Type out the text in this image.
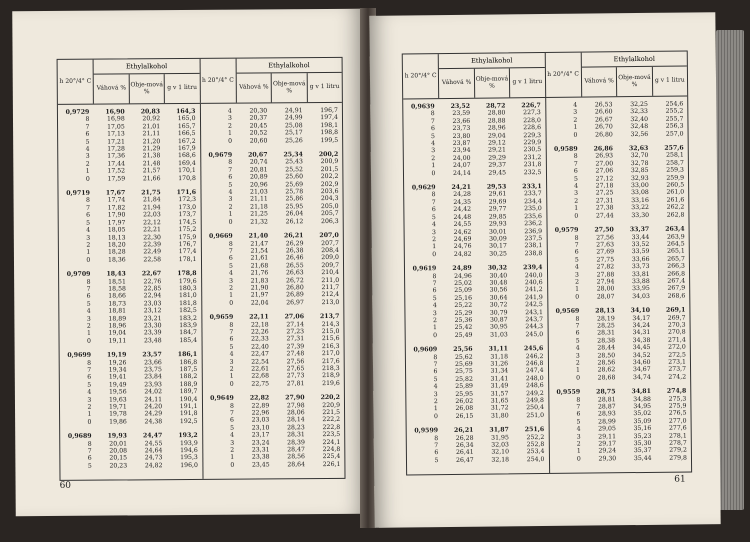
h 20°/4° C
Ethylalkohol
Váhová % Obje-mová %	g v 1 litru
h 20°/4° C
Ethylalkohol
Váhová % Obje-mová %	g v 1 litru
0,9729	16,90	20,83	164,3
8	16,98	20,92	165,0
7	17,05	21,01	165,7
6	17,13	21,11	166,5
5	17,21	21,20	167,2
4	17,28	21,29	167,9
3	17,36	21,38	168,6
2	17,44	21,48	169,4
1	17,52	21,57	170,1
0	17,59	21,66	170,8
0,9719	17,67	21,75	171,6
8	17,74	21,84	172,3
7	17,82	21,94	173,0
6	17,90	22,03	173,7
5	17,97	22,12	174,5
4	18,05	22,21	175,2
3	18,13	22,30	175,9
2	18,20	22,39	176,7
1	18,28	22,49	177,4
0	18,36	22,58	178,1
0,9709	18,43	22,67	178,8
8	18,51	22,76	179,6
7	18,58	22,85	180,3
6	18,66	22,94	181,0
5	18,73	23,03	181,8
4	18,81	23,12	182,5
3	18,89	23,21	183,2
2	18,96	23,30	183,9
1	19,04	23,39	184,7
0	19,11	23,48	185,4
0,9699	19,19	23,57	186,1
8	19,26	23,66	186,8
7	19,34	23,75	187,5
6	19,41	23,84	188,2
5	19,49	23,93	188,9
4	19,56	24,02	189,7
3	19,63	24,11	190,4
2	19,71	24,20	191,1
1	19,78	24,29	191,8
0	19,86	24,38	192,5
0,9689	19,93	24,47	193,2
8	20,01	24,55	193,9
7	20,08	24,64	194,6
6	20,15	24,73	195,3
5	20,23	24,82	196,0
4	20,30	24,91	196,7
3	20,37	24,99	197,4
2	20,45	25,08	198,1
1	20,52	25,17	198,8
0	20,60	25,26	199,5
0,9679	20,67	25,34	200,2
8	20,74	25,43	200,9
7	20,81	25,52	201,5
6	20,89	25,60	202,2
5	20,96	25,69	202,9
4	21,03	25,78	203,6
3	21,11	25,86	204,3
2	21,18	25,95	205,0
1	21,25	26,04	205,7
0	21,32	26,12	206,3
0,9669	21,40	26,21	207,0
8	21,47	26,29	207,7
7	21,54	26,38	208,4
6	21,61	26,46	209,0
5	21,68	26,55	209,7
4	21,76	26,63	210,4
3	21,83	26,72	211,0
2	21,90	26,80	211,7
1	21,97	26,89	212,4
0	22,04	26,97	213,0
0,9659	22,11	27,06	213,7
8	22,18	27,14	214,3
7	22,26	27,23	215,0
6	22,33	27,31	215,6
5	22,40	27,39	216,3
4	22,47	27,48	217,0
3	22,54	27,56	217,6
2	22,61	27,65	218,3
1	22,68	27,73	218,9
0	22,75	27,81	219,6
0,9649	22,82	27,90	220,2
8	22,89	27,98	220,9
7	22,96	28,06	221,5
6	23,03	28,14	222,2
5	23,10	28,23	222,8
4	23,17	28,31	223,5
3	23,24	28,39	224,1
2	23,31	28,47	224,8
1	23,38	28,56	225,4
0	23,45	28,64	226,1
60
h 20°/4° C
Ethylalkohol
Váhová % Obje-mová %
g v 1 litru
h 20°/4° C
Ethylalkohol
Váhová % Obje-mová %
g v 1 litru
0,9639	23,52	28,72	226,7
8	23,59	28,80	227,3
7	23,66	28,88	228,0
6	23,73	28,96	228,6
5	23,80	29,04	229,3
4	23,87	29,12	229,9
3	23,94	29,21	230,5
2	24,00	29,29	231,2
1	24,07	29,37	231,8
0	24,14	29,45	232,5
0,9629	24,21	29,53	233,1
8	24,28	29,61	233,7
7	24,35	29,69	234,4
6	24,42	29,77	235,0
5	24,48	29,85	235,6
4	24,55	29,93	236,2
3	24,62	30,01	236,9
2	24,69	30,09	237,5
1	24,76	30,17	238,1
0	24,82	30,25	238,8
0,9619	24,89	30,32	239,4
8	24,96	30,40	240,0
7	25,02	30,48	240,6
6	25,09	30,56	241,2
5	25,16	30,64	241,9
4	25,22	30,72	242,5
3	25,29	30,79	243,1
2	25,36	30,87	243,7
1	25,42	30,95	244,3
0	25,49	31,03	245,0
0,9609	25,56	31,11	245,6
8	25,62	31,18	246,2
7	25,69	31,26	246,8
6	25,75	31,34	247,4
5	25,82	31,41	248,0
4	25,89	31,49	248,6
3	25,95	31,57	249,2
2	26,02	31,65	249,8
1	26,08	31,72	250,4
0	26,15	31,80	251,0
0,9599	26,21	31,87	251,6
8	26,28	31,95	252,2
7	26,34	32,03	252,8
6	26,41	32,10	253,4
5	26,47	32,18	254,0
4	26,53	32,25	254,6
3	26,60	32,33	255,2
2	26,67	32,40	255,7
1	26,70	32,48	256,3
0	26,80	32,56	257,0
0,9589	26,86	32,63	257,6
8	26,93	32,70	258,1
7	27,00	32,78	258,7
6	27,06	32,85	259,3
5	27,12	32,93	259,9
4	27,18	33,00	260,5
3	27,25	33,08	261,0
2	27,31	33,16	261,6
1	27,38	33,22	262,2
0	27,44	33,30	262,8
0,9579	27,50	33,37	263,4
8	27,56	33,44	263,9
7	27,63	33,52	264,5
6	27,69	33,59	265,1
5	27,75	33,66	265,7
4	27,82	33,73	266,3
3	27,88	33,81	266,8
2	27,94	33,88	267,4
1	28,00	33,95	267,9
0	28,07	34,03	268,6
0,9569	28,13	34,10	269,1
8	28,19	34,17	269,7
7	28,25	34,24	270,3
6	28,31	34,31	270,8
5	28,38	34,38	271,4
4	28,44	34,45	272,0
3	28,50	34,52	272,5
2	28,56	34,60	273,1
1	28,62	34,67	273,7
0	28,68	34,74	274,2
0,9559	28,75	34,81	274,8
8	28,81	34,88	275,3
7	28,87	34,95	275,9
6	28,93	35,02	276,5
5	28,99	35,09	277,0
4	29,05	35,16	277,6
3	29,11	35,23	278,1
2	29,17	35,30	278,7
1	29,24	35,37	279,2
0	29,30	35,44	279,8
61
